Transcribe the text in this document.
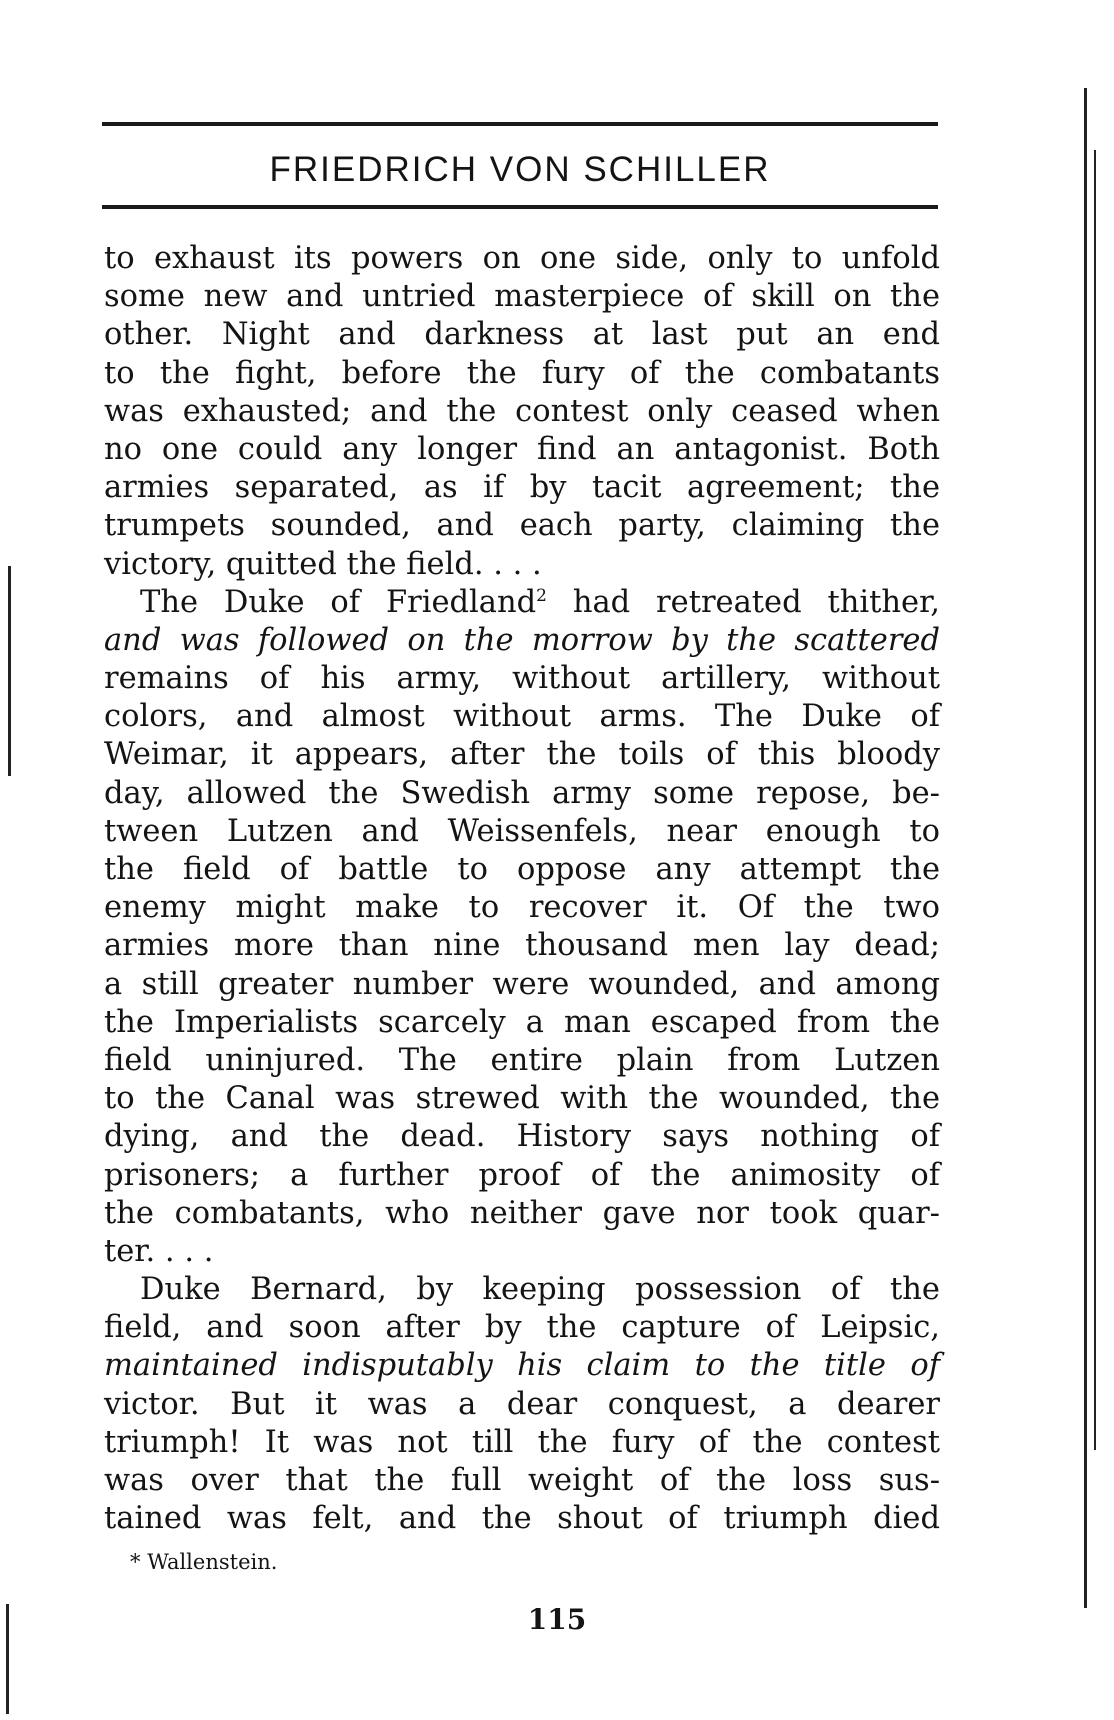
FRIEDRICH VON SCHILLER
to exhaust its powers on one side, only to unfold
some new and untried masterpiece of skill on the
other. Night and darkness at last put an end
to the fight, before the fury of the combatants
was exhausted; and the contest only ceased when
no one could any longer find an antagonist. Both
armies separated, as if by tacit agreement; the
trumpets sounded, and each party, claiming the
victory, quitted the field. . . .
The Duke of Friedland$^2$ had retreated thither,
and was followed on the morrow by the scattered
remains of his army, without artillery, without
colors, and almost without arms. The Duke of
Weimar, it appears, after the toils of this bloody
day, allowed the Swedish army some repose, be-
tween Lutzen and Weissenfels, near enough to
the field of battle to oppose any attempt the
enemy might make to recover it. Of the two
armies more than nine thousand men lay dead;
a still greater number were wounded, and among
the Imperialists scarcely a man escaped from the
field uninjured. The entire plain from Lutzen
to the Canal was strewed with the wounded, the
dying, and the dead. History says nothing of
prisoners; a further proof of the animosity of
the combatants, who neither gave nor took quar-
ter. . . .
Duke Bernard, by keeping possession of the
field, and soon after by the capture of Leipsic,
maintained indisputably his claim to the title of
victor. But it was a dear conquest, a dearer
triumph! It was not till the fury of the contest
was over that the full weight of the loss sus-
tained was felt, and the shout of triumph died
* Wallenstein.
115
